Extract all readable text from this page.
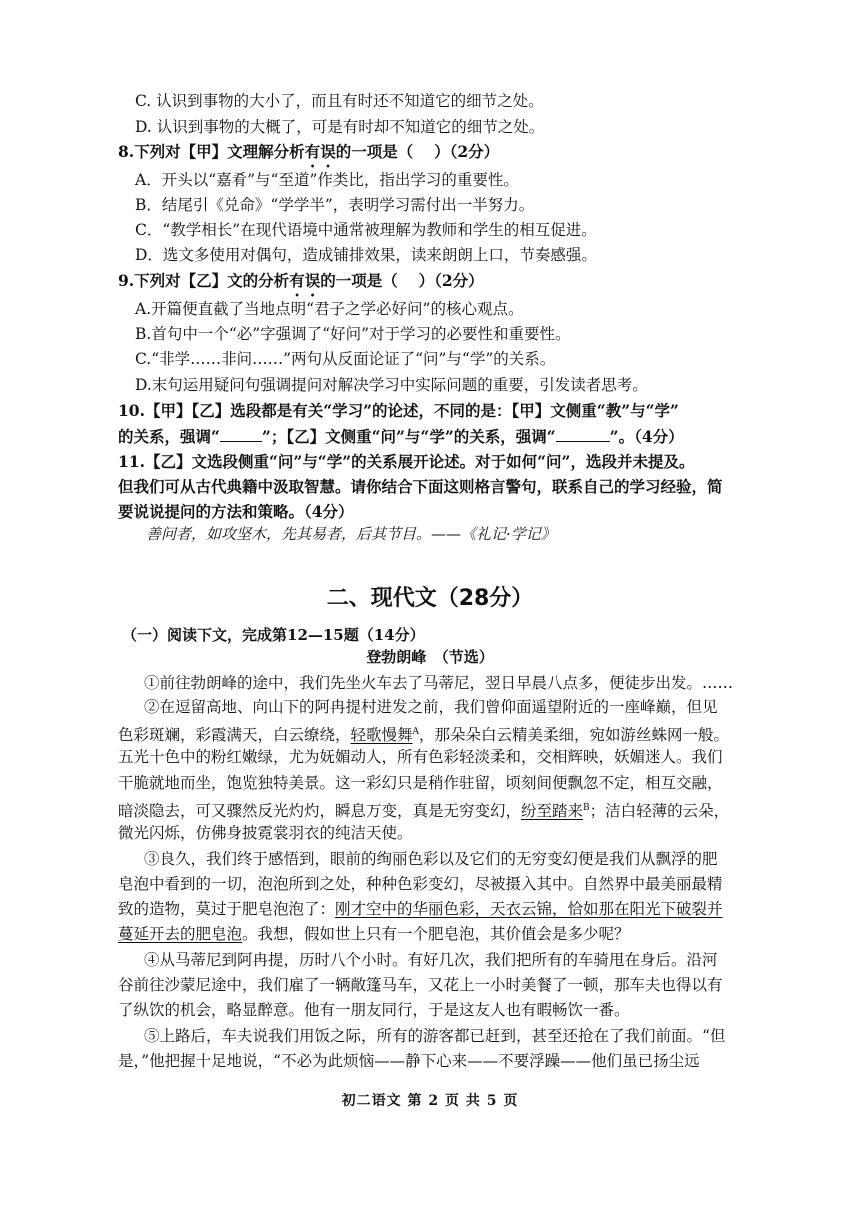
C. 认识到事物的大小了，而且有时还不知道它的细节之处。
D. 认识到事物的大概了，可是有时却不知道它的细节之处。
8.下列对【甲】文理解分析有误的一项是（　 ）（2分）
A．开头以“嘉肴”与“至道”作类比，指出学习的重要性。
B．结尾引《兑命》“学学半”，表明学习需付出一半努力。
C．“教学相长”在现代语境中通常被理解为教师和学生的相互促进。
D．选文多使用对偶句，造成铺排效果，读来朗朗上口，节奏感强。
9.下列对【乙】文的分析有误的一项是（　 ）（2分）
A.开篇便直截了当地点明“君子之学必好问”的核心观点。
B.首句中一个“必”字强调了“好问”对于学习的必要性和重要性。
C.“非学……非问……”两句从反面论证了“问”与“学”的关系。
D.末句运用疑问句强调提问对解决学习中实际问题的重要，引发读者思考。
10.【甲】【乙】选段都是有关“学习”的论述，不同的是：【甲】文侧重“教”与“学”
的关系，强调“	”；【乙】文侧重“问”与“学”的关系，强调“	”。（4分）
11.【乙】文选段侧重“问”与“学”的关系展开论述。对于如何“问”，选段并未提及。
但我们可从古代典籍中汲取智慧。请你结合下面这则格言警句，联系自己的学习经验，简
要说说提问的方法和策略。（4分）
善问者，如攻坚木，先其易者，后其节目。——《礼记·学记》
二、现代文（28分）
（一）阅读下文，完成第12—15题（14分）
登勃朗峰　（节选）
①前往勃朗峰的途中，我们先坐火车去了马蒂尼，翌日早晨八点多，便徒步出发。……
②在逗留高地、向山下的阿冉提村进发之前，我们曾仰面遥望附近的一座峰巅，但见
色彩斑斓，彩霞满天，白云缭绕，轻歌慢舞$^A$，那朵朵白云精美柔细，宛如游丝蛛网一般。
五光十色中的粉红嫩绿，尤为妩媚动人，所有色彩轻淡柔和，交相辉映，妖媚迷人。我们
干脆就地而坐，饱览独特美景。这一彩幻只是稍作驻留，顷刻间便飘忽不定，相互交融，
暗淡隐去，可又骤然反光灼灼，瞬息万变，真是无穷变幻，纷至踏来$^B$；洁白轻薄的云朵，
微光闪烁，仿佛身披霓裳羽衣的纯洁天使。
③良久，我们终于感悟到，眼前的绚丽色彩以及它们的无穷变幻便是我们从飘浮的肥
皂泡中看到的一切，泡泡所到之处，种种色彩变幻，尽被摄入其中。自然界中最美丽最精
致的造物，莫过于肥皂泡泡了：刚才空中的华丽色彩，天衣云锦，恰如那在阳光下破裂并
蔓延开去的肥皂泡。我想，假如世上只有一个肥皂泡，其价值会是多少呢？
④从马蒂尼到阿冉提，历时八个小时。有好几次，我们把所有的车骑甩在身后。沿河
谷前往沙蒙尼途中，我们雇了一辆敞篷马车，又花上一小时美餐了一顿，那车夫也得以有
了纵饮的机会，略显醉意。他有一朋友同行，于是这友人也有暇畅饮一番。
⑤上路后，车夫说我们用饭之际，所有的游客都已赶到，甚至还抢在了我们前面。“但
是，”他把握十足地说，“不必为此烦恼——静下心来——不要浮躁——他们虽已扬尘远
初二语文 第 2 页 共 5 页
